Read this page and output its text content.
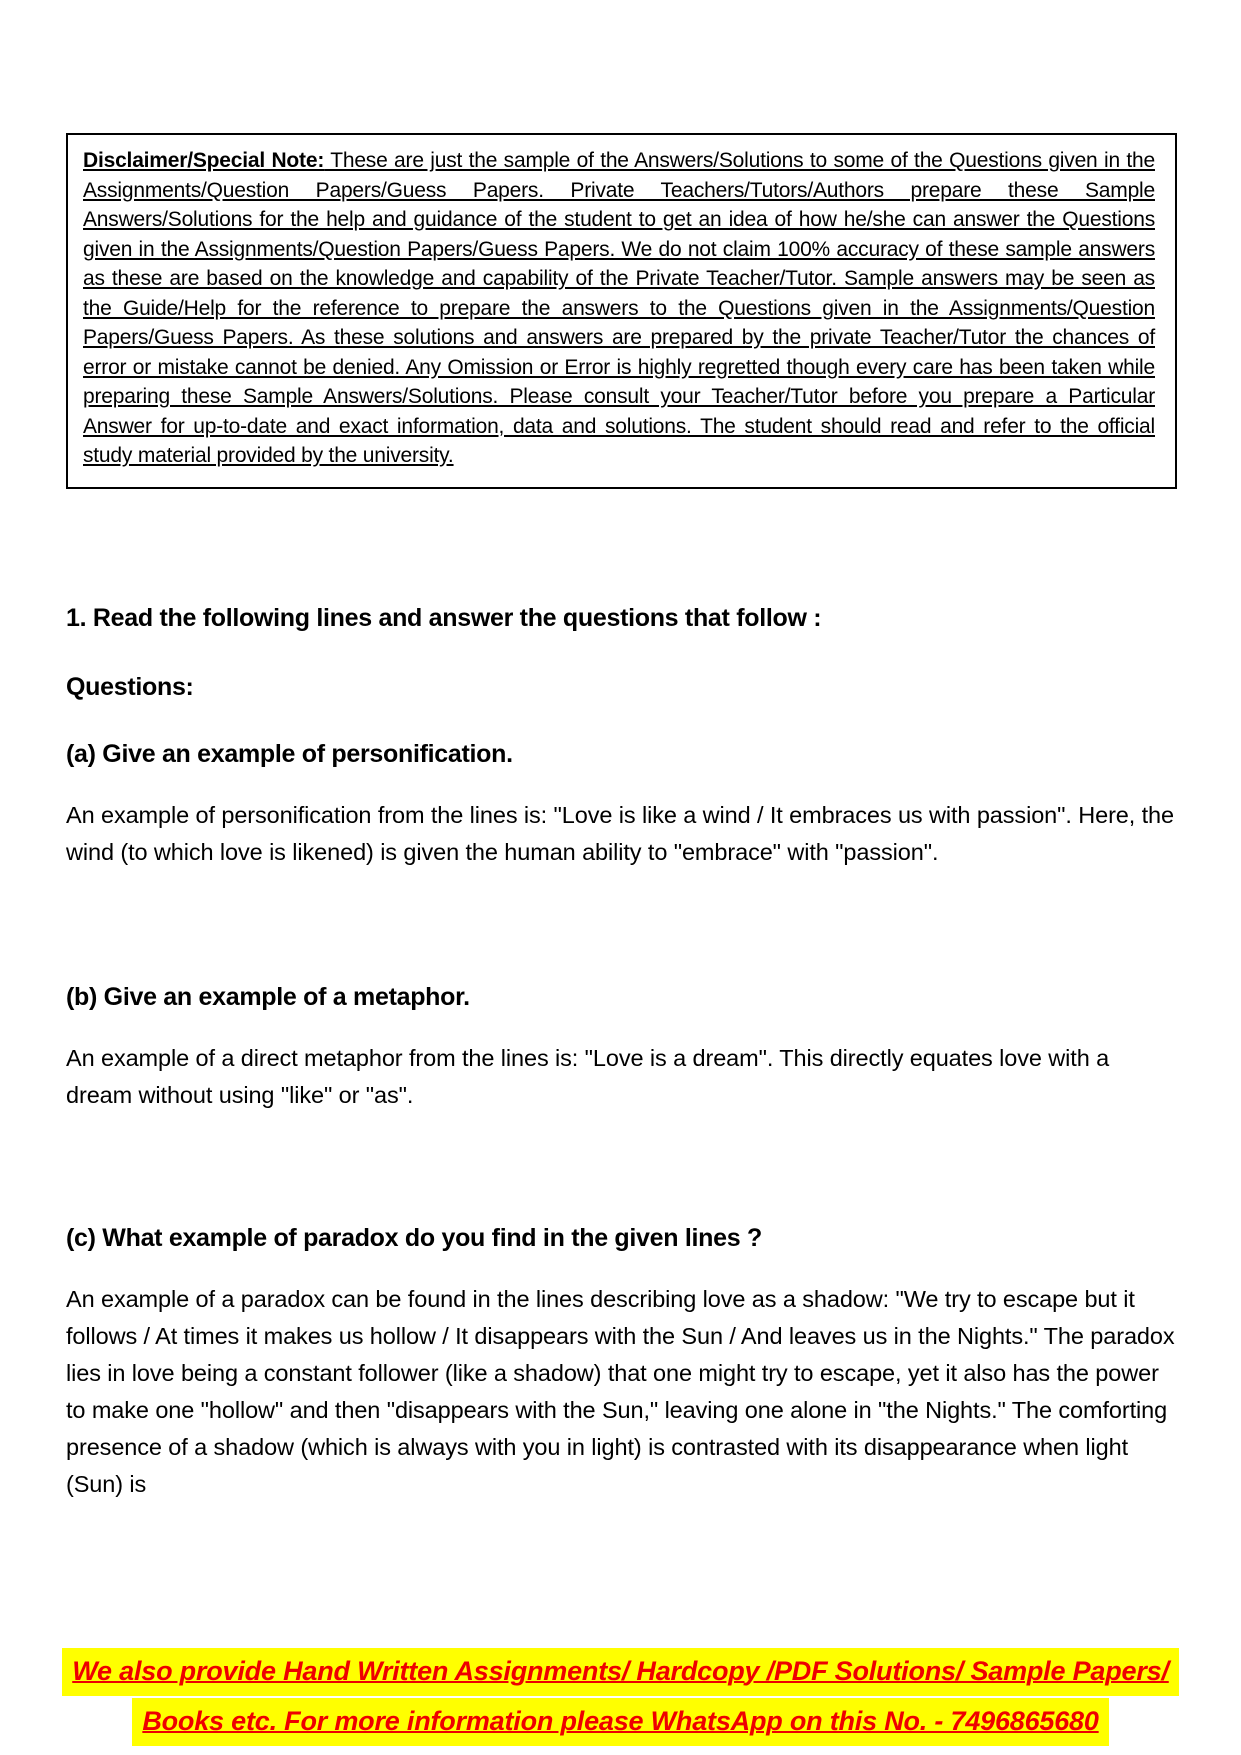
Disclaimer/Special Note: These are just the sample of the Answers/Solutions to some of the Questions given in the Assignments/Question Papers/Guess Papers. Private Teachers/Tutors/Authors prepare these Sample Answers/Solutions for the help and guidance of the student to get an idea of how he/she can answer the Questions given in the Assignments/Question Papers/Guess Papers. We do not claim 100% accuracy of these sample answers as these are based on the knowledge and capability of the Private Teacher/Tutor. Sample answers may be seen as the Guide/Help for the reference to prepare the answers to the Questions given in the Assignments/Question Papers/Guess Papers. As these solutions and answers are prepared by the private Teacher/Tutor the chances of error or mistake cannot be denied. Any Omission or Error is highly regretted though every care has been taken while preparing these Sample Answers/Solutions. Please consult your Teacher/Tutor before you prepare a Particular Answer for up-to-date and exact information, data and solutions. The student should read and refer to the official study material provided by the university.

1. Read the following lines and answer the questions that follow :
Questions:
(a) Give an example of personification.

An example of personification from the lines is: "Love is like a wind / It embraces us with passion". Here, the wind (to which love is likened) is given the human ability to "embrace" with "passion".

(b) Give an example of a metaphor.

An example of a direct metaphor from the lines is: "Love is a dream". This directly equates love with a dream without using "like" or "as".

(c) What example of paradox do you find in the given lines ?

An example of a paradox can be found in the lines describing love as a shadow: "We try to escape but it follows / At times it makes us hollow / It disappears with the Sun / And leaves us in the Nights." The paradox lies in love being a constant follower (like a shadow) that one might try to escape, yet it also has the power to make one "hollow" and then "disappears with the Sun," leaving one alone in "the Nights." The comforting presence of a shadow (which is always with you in light) is contrasted with its disappearance when light (Sun) is

We also provide Hand Written Assignments/ Hardcopy /PDF Solutions/ Sample Papers/
Books etc. For more information please WhatsApp on this No. - 7496865680
